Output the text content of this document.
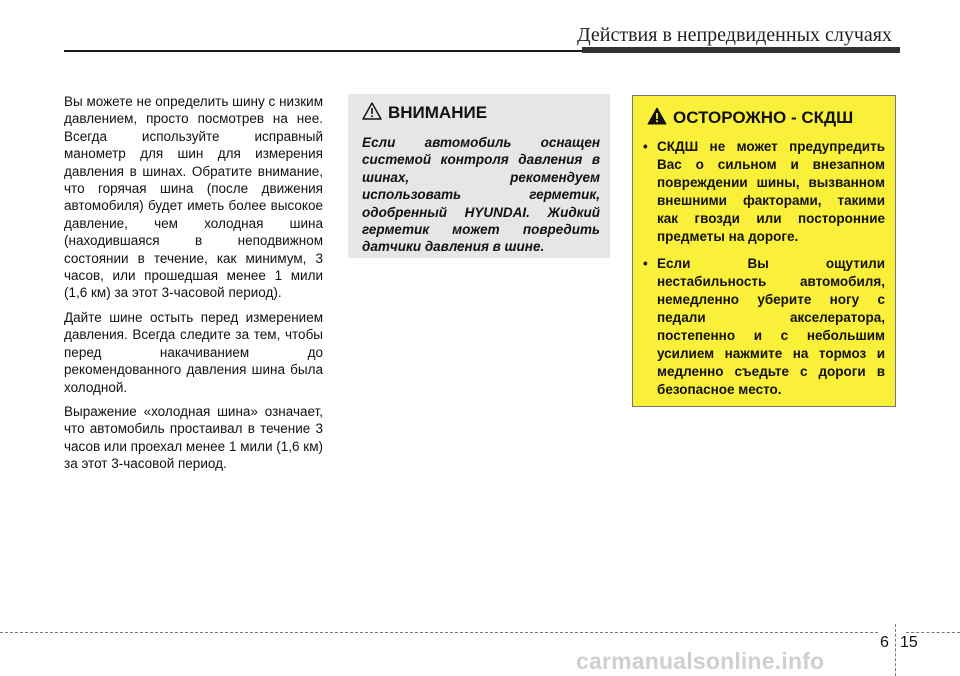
Действия в непредвиденных случаях

Вы можете не определить шину с низким давлением, просто посмотрев на нее. Всегда используйте исправный манометр для шин для измерения давления в шинах. Обратите внимание, что горячая шина (после движения автомобиля) будет иметь более высокое давление, чем холодная шина (находившаяся в неподвижном состоянии в течение, как минимум, 3 часов, или прошедшая менее 1 мили (1,6 км) за этот 3-часовой период).

Дайте шине остыть перед измерением давления. Всегда следите за тем, чтобы перед накачиванием до рекомендованного давления шина была холодной.

Выражение «холодная шина» означает, что автомобиль простаивал в течение 3 часов или проехал менее 1 мили (1,6 км) за этот 3-часовой период.

ВНИМАНИЕ

Если автомобиль оснащен системой контроля давления в шинах, рекомендуем использовать герметик, одобренный HYUNDAI. Жидкий герметик может повредить датчики давления в шине.

ОСТОРОЖНО - СКДШ
• СКДШ не может предупредить Вас о сильном и внезапном повреждении шины, вызванном внешними факторами, такими как гвозди или посторонние предметы на дороге.
• Если Вы ощутили нестабильность автомобиля, немедленно уберите ногу с педали акселератора, постепенно и с небольшим усилием нажмите на тормоз и медленно съедьте с дороги в безопасное место.
6 15
carmanualsonline.info
